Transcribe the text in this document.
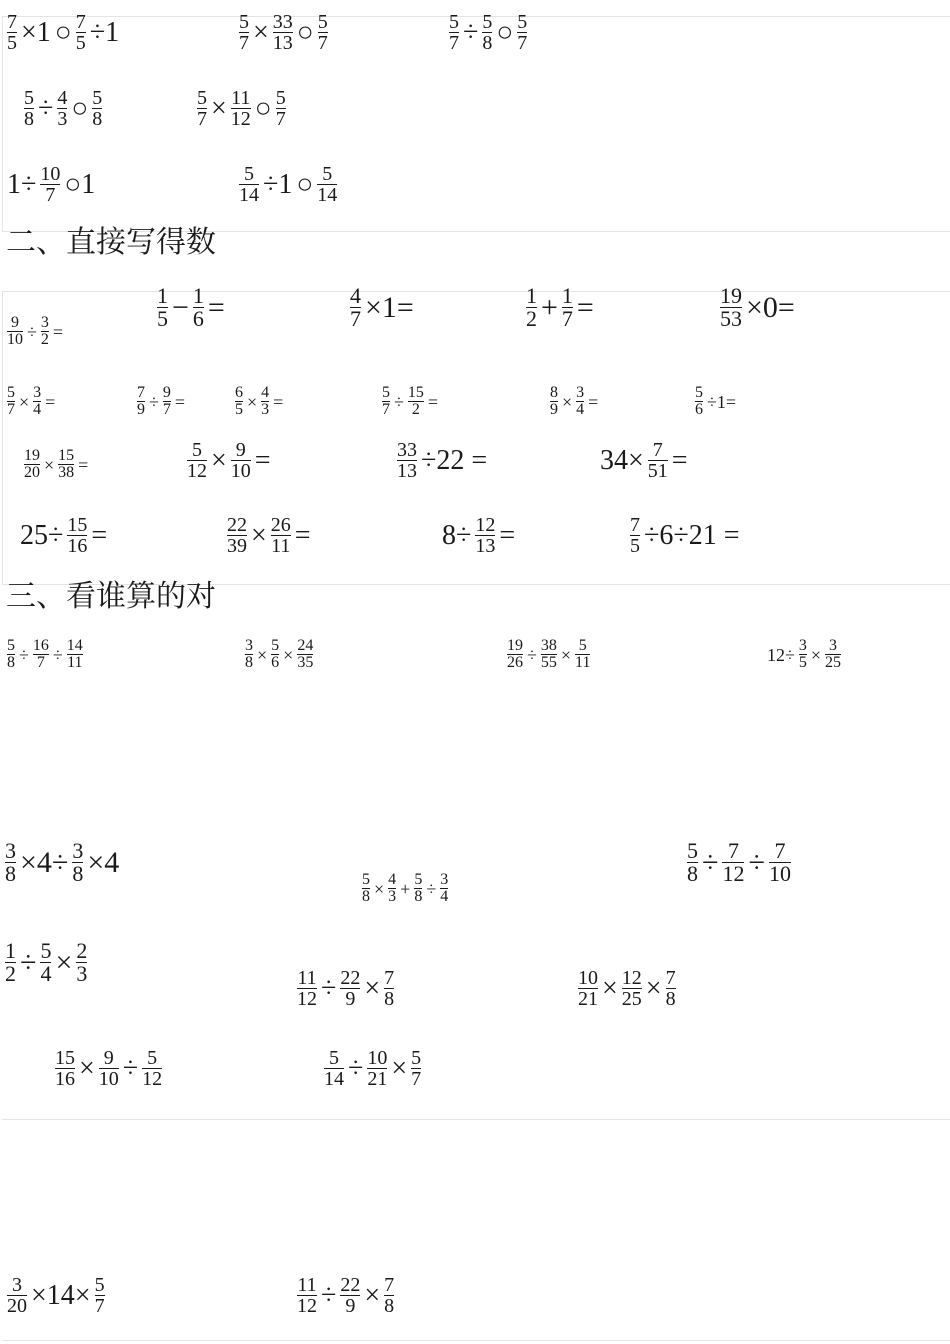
二、直接写得数
三、看谁算的对
$\frac{7}{5} \times 1$ ○ $\frac{7}{5} \div 1$	$\frac{5}{7} \times \frac{33}{13}$ ○ $\frac{5}{7}$	$\frac{5}{7} \div \frac{5}{8}$ ○ $\frac{5}{7}$
$\frac{5}{8} \div \frac{4}{3}$ ○ $\frac{5}{8}$	$\frac{5}{7} \times \frac{11}{12}$ ○ $\frac{5}{7}$
$1\div \frac{10}{7}$ ○1	$\frac{5}{14} \div 1$ ○ $\frac{5}{14}$
$\frac{9}{10} \div \frac{3}{2}$ =
$\frac{1}{5} - \frac{1}{6}$ =	$\frac{4}{7} \times 1=$	$\frac{1}{2} + \frac{1}{7}$ =	$\frac{19}{53} \times 0=$
$\frac{5}{7} \times \frac{3}{4}$ =	$\frac{7}{9} \div \frac{9}{7}$ =	$\frac{6}{5} \times \frac{4}{3}$ =	$\frac{5}{7} \div \frac{15}{2}$ =	$\frac{8}{9} \times \frac{3}{4}$ =	$\frac{5}{6} \div 1=$
$\frac{19}{20} \times \frac{15}{38}$ =	$\frac{5}{12} \times \frac{9}{10}$ =	$\frac{33}{13} \div 22$ =	$34\times \frac{7}{51}$ =
$25\div \frac{15}{16}$ =	$\frac{22}{39} \times \frac{26}{11}$ =	$8\div \frac{12}{13}$ =	$\frac{7}{5} \div 6\div 21$ =
$\frac{5}{8} \div \frac{16}{7} \div \frac{14}{11}$	$\frac{3}{8} \times \frac{5}{6} \times \frac{24}{35}$	$\frac{19}{26} \div \frac{38}{55} \times \frac{5}{11}$	$12\div \frac{3}{5} \times \frac{3}{25}$
$\frac{3}{8} \times 4\div \frac{3}{8} \times 4$
$\frac{5}{8} \times \frac{4}{3} + \frac{5}{8} \div \frac{3}{4}$
$\frac{5}{8} \div \frac{7}{12} \div \frac{7}{10}$
$\frac{1}{2} \div \frac{5}{4} \times \frac{2}{3}$
$\frac{11}{12} \div \frac{22}{9} \times \frac{7}{8}$	$\frac{10}{21} \times \frac{12}{25} \times \frac{7}{8}$
$\frac{15}{16} \times \frac{9}{10} \div \frac{5}{12}$	$\frac{5}{14} \div \frac{10}{21} \times \frac{5}{7}$
$\frac{3}{20} \times 14\times \frac{5}{7}$	$\frac{11}{12} \div \frac{22}{9} \times \frac{7}{8}$
